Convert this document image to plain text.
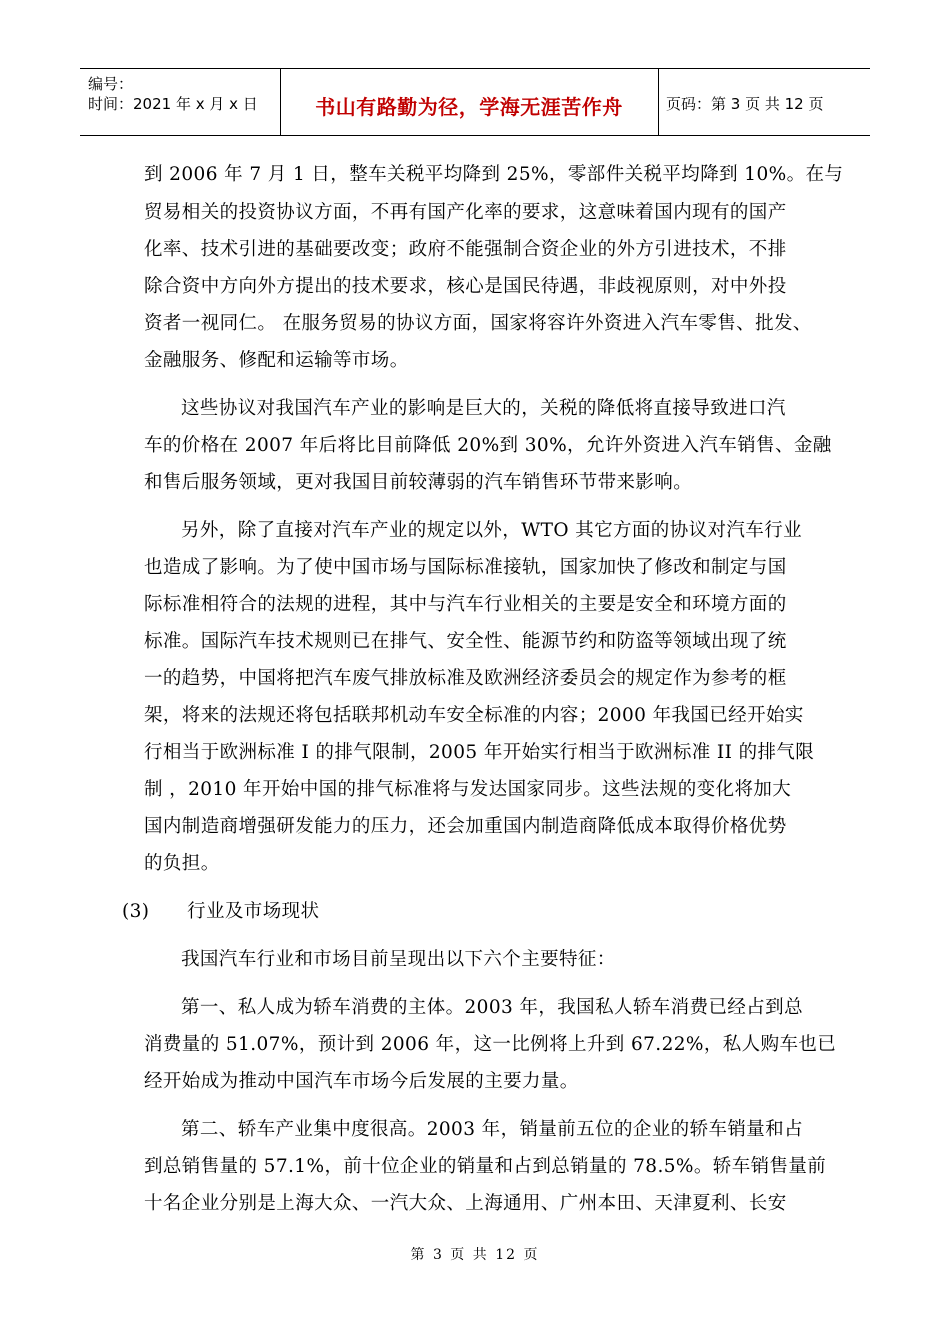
编号：
时间：2021 年 x 月 x 日	书山有路勤为径，学海无涯苦作舟	页码：第 3 页 共 12 页
到 2006 年 7 月 1 日，整车关税平均降到 25%，零部件关税平均降到 10%。在与
贸易相关的投资协议方面，不再有国产化率的要求，这意味着国内现有的国产
化率、技术引进的基础要改变；政府不能强制合资企业的外方引进技术，不排
除合资中方向外方提出的技术要求，核心是国民待遇，非歧视原则，对中外投
资者一视同仁。 在服务贸易的协议方面，国家将容许外资进入汽车零售、批发、
金融服务、修配和运输等市场。
这些协议对我国汽车产业的影响是巨大的，关税的降低将直接导致进口汽
车的价格在 2007 年后将比目前降低 20%到 30%，允许外资进入汽车销售、金融
和售后服务领域，更对我国目前较薄弱的汽车销售环节带来影响。
另外，除了直接对汽车产业的规定以外，WTO 其它方面的协议对汽车行业
也造成了影响。为了使中国市场与国际标准接轨，国家加快了修改和制定与国
际标准相符合的法规的进程，其中与汽车行业相关的主要是安全和环境方面的
标准。国际汽车技术规则已在排气、安全性、能源节约和防盗等领域出现了统
一的趋势，中国将把汽车废气排放标准及欧洲经济委员会的规定作为参考的框
架，将来的法规还将包括联邦机动车安全标准的内容；2000 年我国已经开始实
行相当于欧洲标准 I 的排气限制，2005 年开始实行相当于欧洲标准 II 的排气限
制 ，2010 年开始中国的排气标准将与发达国家同步。这些法规的变化将加大
国内制造商增强研发能力的压力，还会加重国内制造商降低成本取得价格优势
的负担。
(3)      行业及市场现状
我国汽车行业和市场目前呈现出以下六个主要特征：
第一、私人成为轿车消费的主体。2003 年，我国私人轿车消费已经占到总
消费量的 51.07%，预计到 2006 年，这一比例将上升到 67.22%，私人购车也已
经开始成为推动中国汽车市场今后发展的主要力量。
第二、轿车产业集中度很高。2003 年，销量前五位的企业的轿车销量和占
到总销售量的 57.1%，前十位企业的销量和占到总销量的 78.5%。轿车销售量前
十名企业分别是上海大众、一汽大众、上海通用、广州本田、天津夏利、长安
第 3 页 共 12 页
